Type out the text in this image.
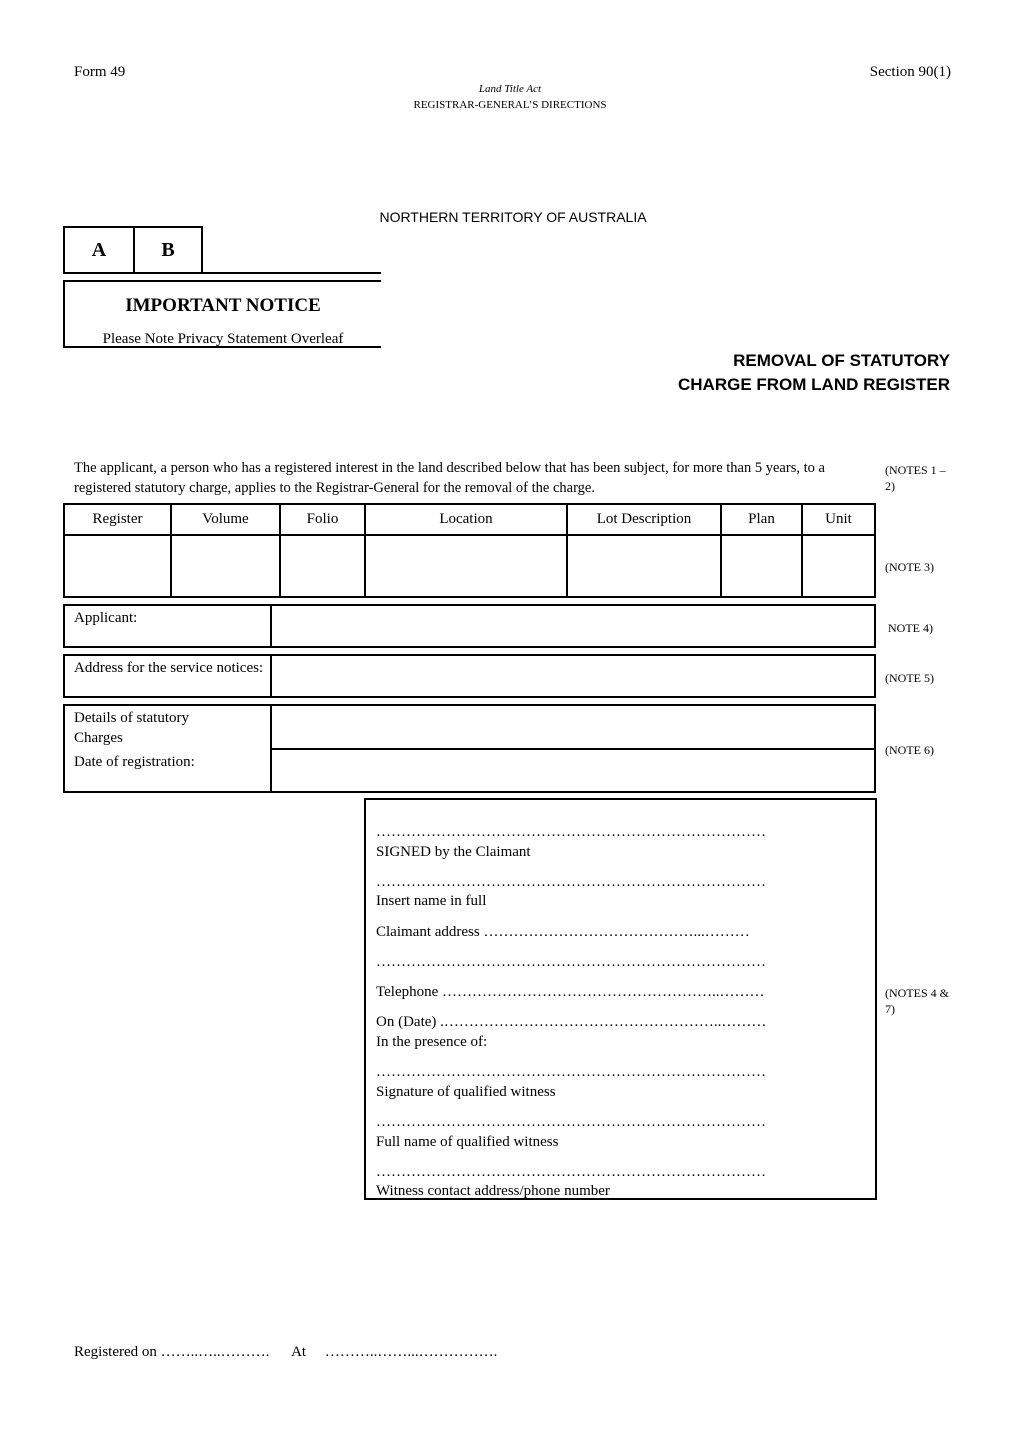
Form 49	Section 90(1)
Land Title Act
REGISTRAR-GENERAL’S DIRECTIONS
NORTHERN TERRITORY OF AUSTRALIA
A	B
IMPORTANT NOTICE
Please Note Privacy Statement Overleaf
REMOVAL OF STATUTORY
CHARGE FROM LAND REGISTER
The applicant, a person who has a registered interest in the land described below that has been subject, for more than 5 years, to a registered statutory charge, applies to the Registrar-General for the removal of the charge.
(NOTES 1 – 2)
Register	Volume	Folio	Location	Lot Description	Plan	Unit

(NOTE 3)
Applicant:
NOTE 4)
Address for the service notices:
(NOTE 5)
Details of statutory Charges
Date of registration:
(NOTE 6)
……………………………………………………………………
SIGNED by the Claimant
……………………………………………………………………
Insert name in full
Claimant address ……………………………………...………
……………………………………………………………………
Telephone ………………………………………………..………
On (Date) .………………………………………………..………
In the presence of:
……………………………………………………………………
Signature of qualified witness
……………………………………………………………………
Full name of qualified witness
……………………………………………………………………
Witness contact address/phone number
(NOTES 4 & 7)
Registered on ……..…..……….      At     ………..……...…………….
